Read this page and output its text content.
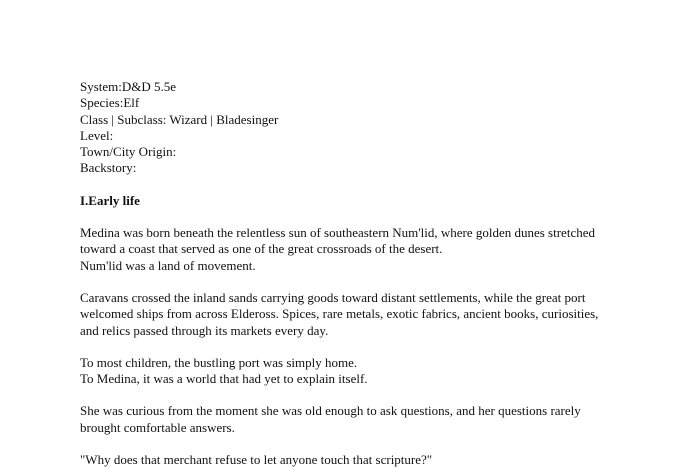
System:D&D 5.5e
Species:Elf
Class | Subclass: Wizard | Bladesinger
Level:
Town/City Origin:
Backstory:
I.Early life
Medina was born beneath the relentless sun of southeastern Num'lid, where golden dunes stretched
toward a coast that served as one of the great crossroads of the desert.
Num'lid was a land of movement.
Caravans crossed the inland sands carrying goods toward distant settlements, while the great port
welcomed ships from across Eldeross. Spices, rare metals, exotic fabrics, ancient books, curiosities,
and relics passed through its markets every day.
To most children, the bustling port was simply home.
To Medina, it was a world that had yet to explain itself.
She was curious from the moment she was old enough to ask questions, and her questions rarely
brought comfortable answers.
"Why does that merchant refuse to let anyone touch that scripture?"
